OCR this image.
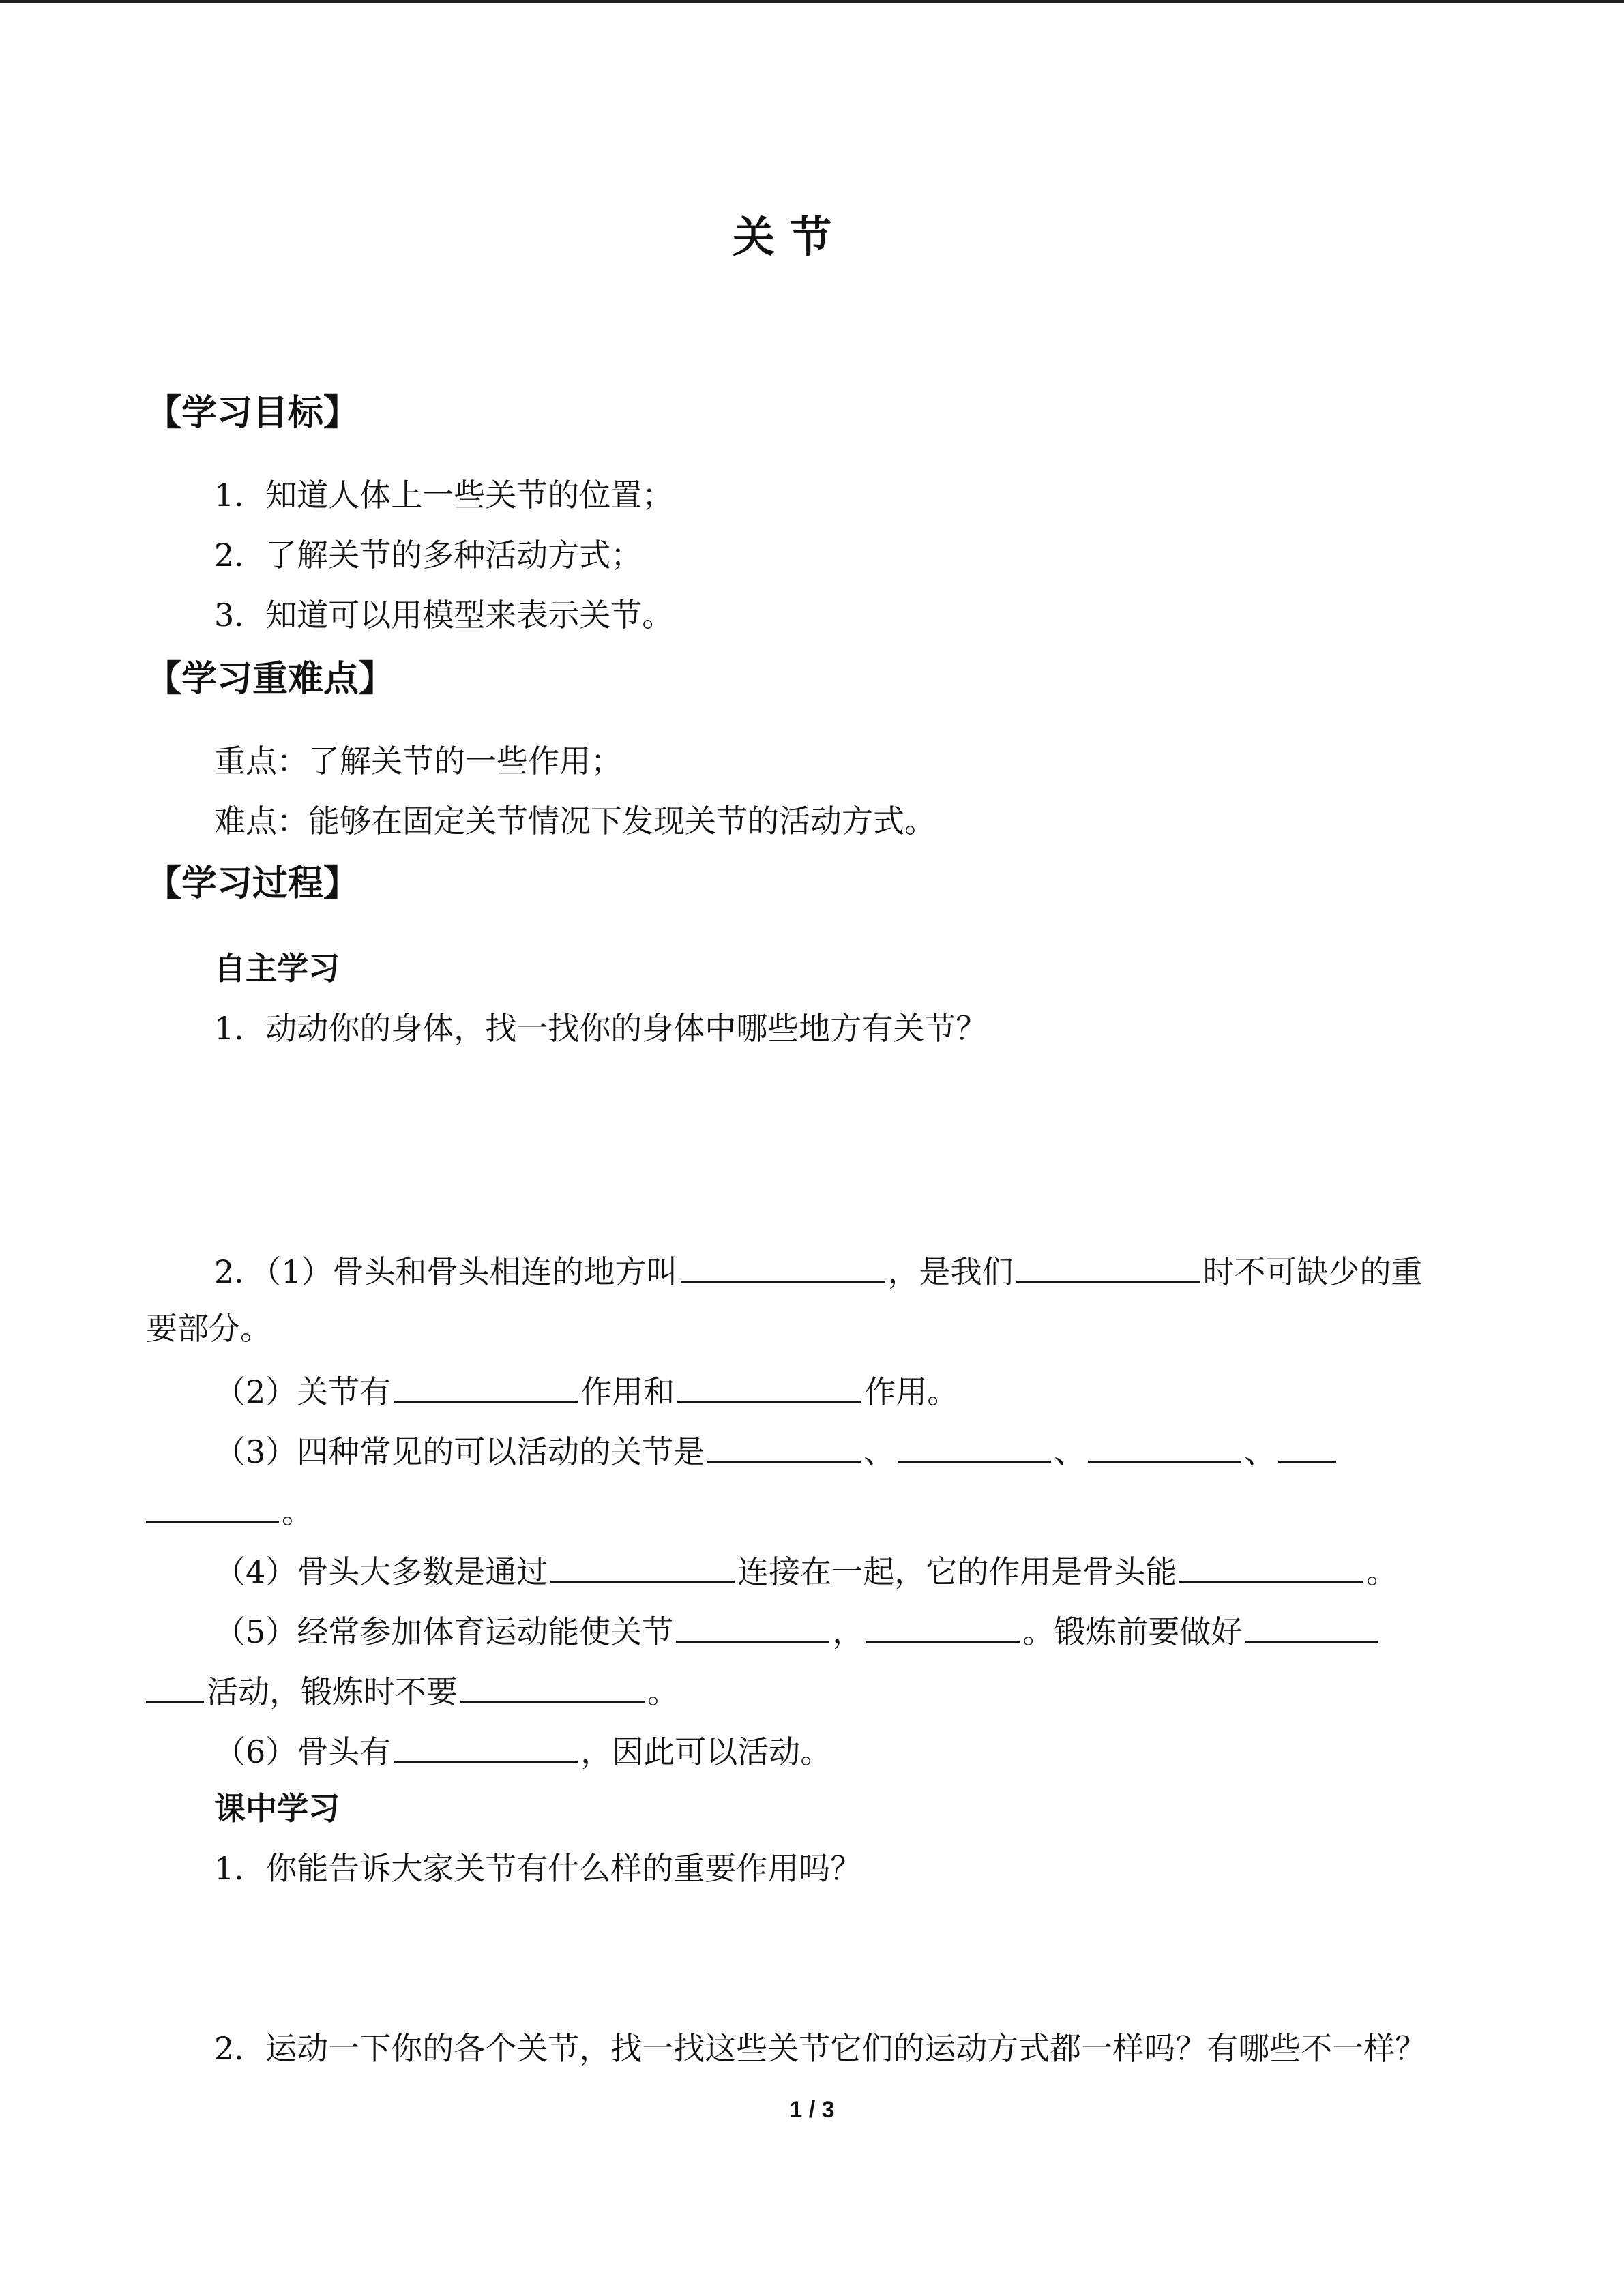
关 节
【学习目标】
1．知道人体上一些关节的位置；
2．了解关节的多种活动方式；
3．知道可以用模型来表示关节。
【学习重难点】
重点：了解关节的一些作用；
难点：能够在固定关节情况下发现关节的活动方式。
【学习过程】
自主学习
1．动动你的身体，找一找你的身体中哪些地方有关节？
2．（1）骨头和骨头相连的地方叫	，是我们	时不可缺少的重
要部分。
（2）关节有	作用和	作用。
（3）四种常见的可以活动的关节是	、	、	、
。
（4）骨头大多数是通过	连接在一起，它的作用是骨头能	。
（5）经常参加体育运动能使关节	，	。锻炼前要做好
活动，锻炼时不要	。
（6）骨头有	，因此可以活动。
课中学习
1．你能告诉大家关节有什么样的重要作用吗？
2．运动一下你的各个关节，找一找这些关节它们的运动方式都一样吗？有哪些不一样？
1 / 3
